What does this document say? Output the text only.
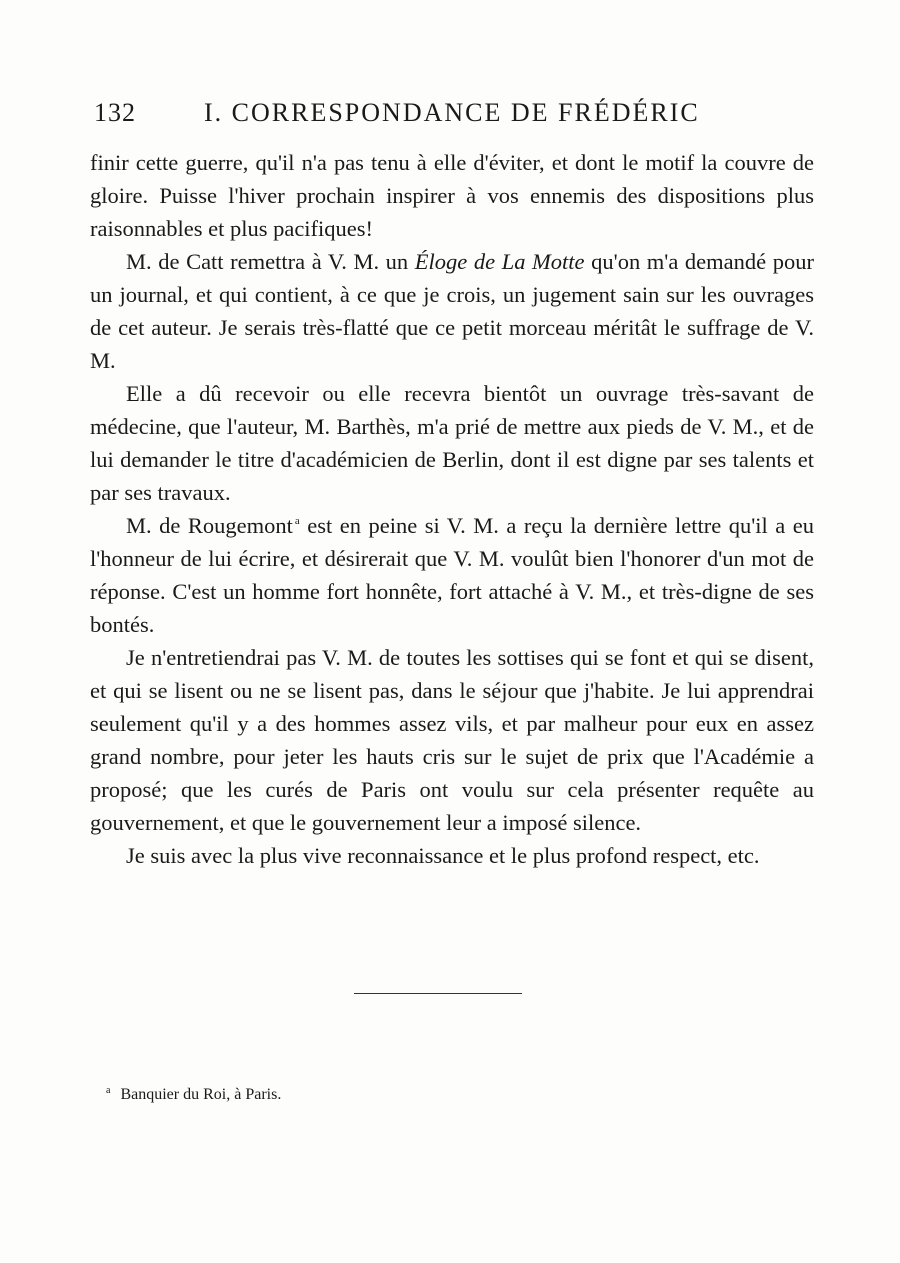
132	I. CORRESPONDANCE DE FRÉDÉRIC

finir cette guerre, qu'il n'a pas tenu à elle d'éviter, et dont le motif la couvre de gloire. Puisse l'hiver prochain inspirer à vos ennemis des dispositions plus raisonnables et plus pacifiques!

M. de Catt remettra à V. M. un Éloge de La Motte qu'on m'a demandé pour un journal, et qui contient, à ce que je crois, un jugement sain sur les ouvrages de cet auteur. Je serais très-flatté que ce petit morceau méritât le suffrage de V. M.

Elle a dû recevoir ou elle recevra bientôt un ouvrage très-savant de médecine, que l'auteur, M. Barthès, m'a prié de mettre aux pieds de V. M., et de lui demander le titre d'académicien de Berlin, dont il est digne par ses talents et par ses travaux.

M. de Rougemont $^a$ est en peine si V. M. a reçu la dernière lettre qu'il a eu l'honneur de lui écrire, et désirerait que V. M. voulût bien l'honorer d'un mot de réponse. C'est un homme fort honnête, fort attaché à V. M., et très-digne de ses bontés.

Je n'entretiendrai pas V. M. de toutes les sottises qui se font et qui se disent, et qui se lisent ou ne se lisent pas, dans le séjour que j'habite. Je lui apprendrai seulement qu'il y a des hommes assez vils, et par malheur pour eux en assez grand nombre, pour jeter les hauts cris sur le sujet de prix que l'Académie a proposé; que les curés de Paris ont voulu sur cela présenter requête au gouvernement, et que le gouvernement leur a imposé silence.

Je suis avec la plus vive reconnaissance et le plus profond respect, etc.

$^a$ Banquier du Roi, à Paris.
